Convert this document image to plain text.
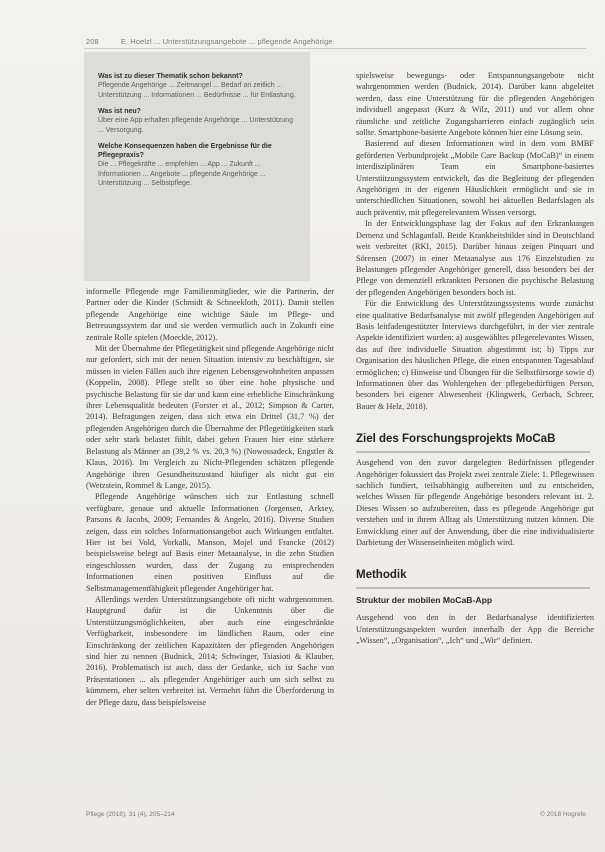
208	E. Hoelzl ... Unterstützungsangebote ... pflegende Angehörige

Was ist zu dieser Thematik schon bekannt?

Pflegende Angehörige ... Zeitmangel ... Bedarf an zeitlich ... Unterstützung ... Informationen ... Bedürfnisse ... für Entlastung.

Was ist neu?

Über eine App erhalten pflegende Angehörige ... Unterstützung ... Versorgung.

Welche Konsequenzen haben die Ergebnisse für die Pflegepraxis?

Die ... Pflegekräfte ... empfehlen ... App ... Zukunft ... Informationen ... Angebote ... pflegende Angehörige ... Unterstützung ... Selbstpflege.

informelle Pflegende enge Familienmitglieder, wie die Partnerin, der Partner oder die Kinder (Schmidt & Schneekloth, 2011). Damit stellen pflegende Angehörige eine wichtige Säule im Pflege- und Betreuungssystem dar und sie werden vermutlich auch in Zukunft eine zentrale Rolle spielen (Moeckle, 2012).

Mit der Übernahme der Pflegetätigkeit sind pflegende Angehörige nicht nur gefordert, sich mit der neuen Situation intensiv zu beschäftigen, sie müssen in vielen Fällen auch ihre eigenen Lebensgewohnheiten anpassen (Koppelin, 2008). Pflege stellt so über eine hohe physische und psychische Belastung für sie dar und kann eine erhebliche Einschränkung ihrer Lebensqualität bedeuten (Forster et al., 2012; Simpson & Carter, 2014). Befragungen zeigen, dass sich etwa ein Drittel (31,7 %) der pflegenden Angehörigen durch die Übernahme der Pflegetätigkeiten stark oder sehr stark belastet fühlt, dabei geben Frauen hier eine stärkere Belastung als Männer an (39,2 % vs. 20,3 %) (Nowossadeck, Engstler & Klaus, 2016). Im Vergleich zu Nicht-Pflegenden schätzen pflegende Angehörige ihren Gesundheitszustand häufiger als nicht gut ein (Wetzstein, Rommel & Lange, 2015).

Pflegende Angehörige wünschen sich zur Entlastung schnell verfügbare, genaue und aktuelle Informationen (Jorgensen, Arksey, Parsons & Jacobs, 2009; Fernandes & Angelo, 2016). Diverse Studien zeigen, dass ein solches Informationsangebot auch Wirkungen entfaltet. Hier ist bei Vold, Vorkalk, Manson, Mojel und Francke (2012) beispielsweise belegt auf Basis einer Metaanalyse, in die zehn Studien eingeschlossen wurden, dass der Zugang zu entsprechenden Informationen einen positiven Einfluss auf die Selbstmanagementfähigkeit pflegender Angehöriger hat.

Allerdings werden Unterstützungsangebote oft nicht wahrgenommen. Hauptgrund dafür ist die Unkenntnis über die Unterstützungsmöglichkeiten, aber auch eine eingeschränkte Verfügbarkeit, insbesondere im ländlichen Raum, oder eine Einschränkung der zeitlichen Kapazitäten der pflegenden Angehörigen sind hier zu nennen (Budnick, 2014; Schwinger, Tsiasioti & Klauber, 2016). Problematisch ist auch, dass der Gedanke, sich ist Sache von Präsentationen ... als pflegender Angehöriger auch um sich selbst zu kümmern, eher selten verbreitet ist. Vermehrt führt die Überforderung in der Pflege dazu, dass beispielsweise

spielsweise bewegungs- oder Entspannungsangebote nicht wahrgenommen werden (Budnick, 2014). Darüber kann abgeleitet werden, dass eine Unterstützung für die pflegenden Angehörigen individuell angepasst (Kurz & Wilz, 2011) und vor allem ohne räumliche und zeitliche Zugangsbarrieren einfach zugänglich sein sollte. Smartphone-basierte Angebote können hier eine Lösung sein.

Basierend auf diesen Informationen wird in dem vom BMBF geförderten Verbundprojekt „Mobile Care Backup (MoCaB)“ in einem interdisziplinären Team ein Smartphone-basiertes Unterstützungssystem entwickelt, das die Begleitung der pflegenden Angehörigen in der eigenen Häuslichkeit ermöglicht und sie in unterschiedlichen Situationen, sowohl bei aktuellen Bedarfslagen als auch präventiv, mit pflegerelevantem Wissen versorgt.

In der Entwicklungsphase lag der Fokus auf den Erkrankungen Demenz und Schlaganfall. Beide Krankheitsbilder sind in Deutschland weit verbreitet (RKI, 2015). Darüber hinaus zeigen Pinquart und Sörensen (2007) in einer Metaanalyse aus 176 Einzelstudien zu Belastungen pflegender Angehöriger generell, dass besonders bei der Pflege von demenziell erkrankten Personen die psychische Belastung der pflegenden Angehörigen besonders hoch ist.

Für die Entwicklung des Unterstützungssystems wurde zunächst eine qualitative Bedarfsanalyse mit zwölf pflegenden Angehörigen auf Basis leitfadengestützter Interviews durchgeführt, in der vier zentrale Aspekte identifiziert wurden: a) ausgewähltes pflegerelevantes Wissen, das auf ihre individuelle Situation abgestimmt ist; b) Tipps zur Organisation des häuslichen Pflege, die einen entspannten Tagesablauf ermöglichen; c) Hinweise und Übungen für die Selbstfürsorge sowie d) Informationen über das Wohlergehen der pflegebedürftigen Person, besonders bei eigener Abwesenheit (Klingwerk, Gerbach, Schreer, Bauer & Helz, 2018).

Ziel des Forschungsprojekts MoCaB

Ausgehend von den zuvor dargelegten Bedürfnissen pflegender Angehöriger fokussiert das Projekt zwei zentrale Ziele: 1. Pflegewissen sachlich fundiert, teilsabhängig aufbereiten und zu entscheiden, welches Wissen für pflegende Angehörige besonders relevant ist. 2. Dieses Wissen so aufzubereiten, dass es pflegende Angehörige gut verstehen und in ihrem Alltag als Unterstützung nutzen können. Die Entwicklung einer auf der Anwendung, über die eine individualisierte Darbietung der Wissenseinheiten möglich wird.

Methodik
Struktur der mobilen MoCaB-App

Ausgehend von den in der Bedarfsanalyse identifizierten Unterstützungsaspekten wurden innerhalb der App die Bereiche „Wissen“, „Organisation“, „Ich“ und „Wir“ definiert.

Pflege (2018), 31 (4), 205–214	© 2018 Hogrefe
